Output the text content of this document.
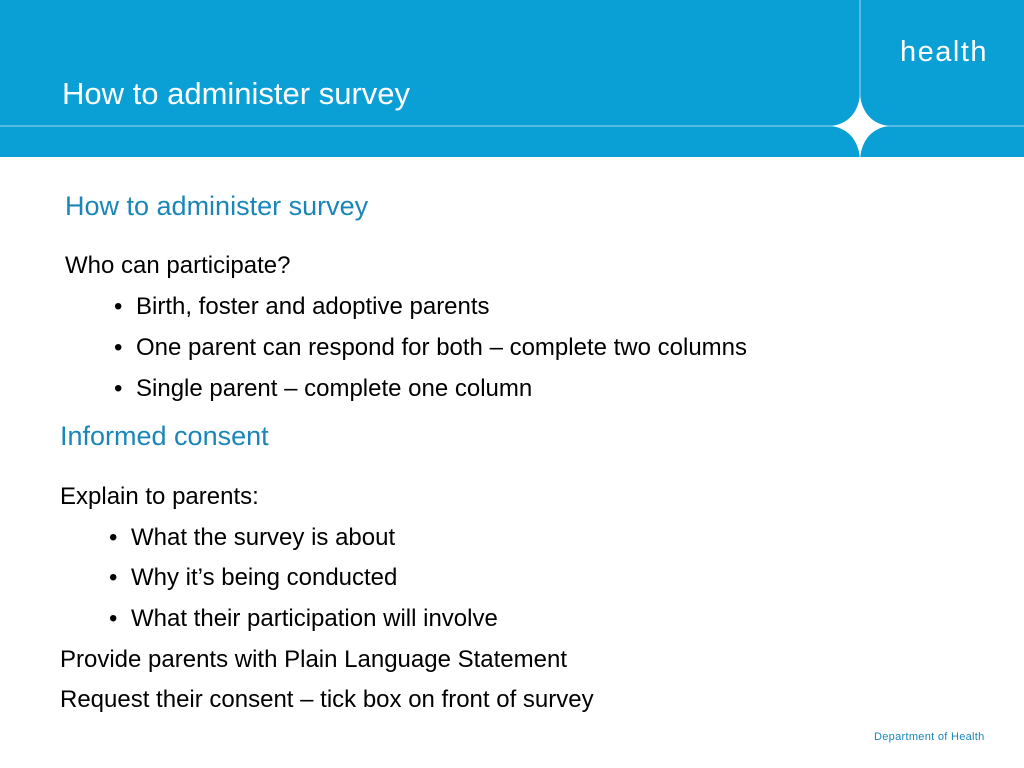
How to administer survey
health
How to administer survey
Who can participate?
• Birth, foster and adoptive parents
• One parent can respond for both – complete two columns
• Single parent – complete one column
Informed consent
Explain to parents:
• What the survey is about
• Why it’s being conducted
• What their participation will involve
Provide parents with Plain Language Statement
Request their consent – tick box on front of survey
Department of Health
